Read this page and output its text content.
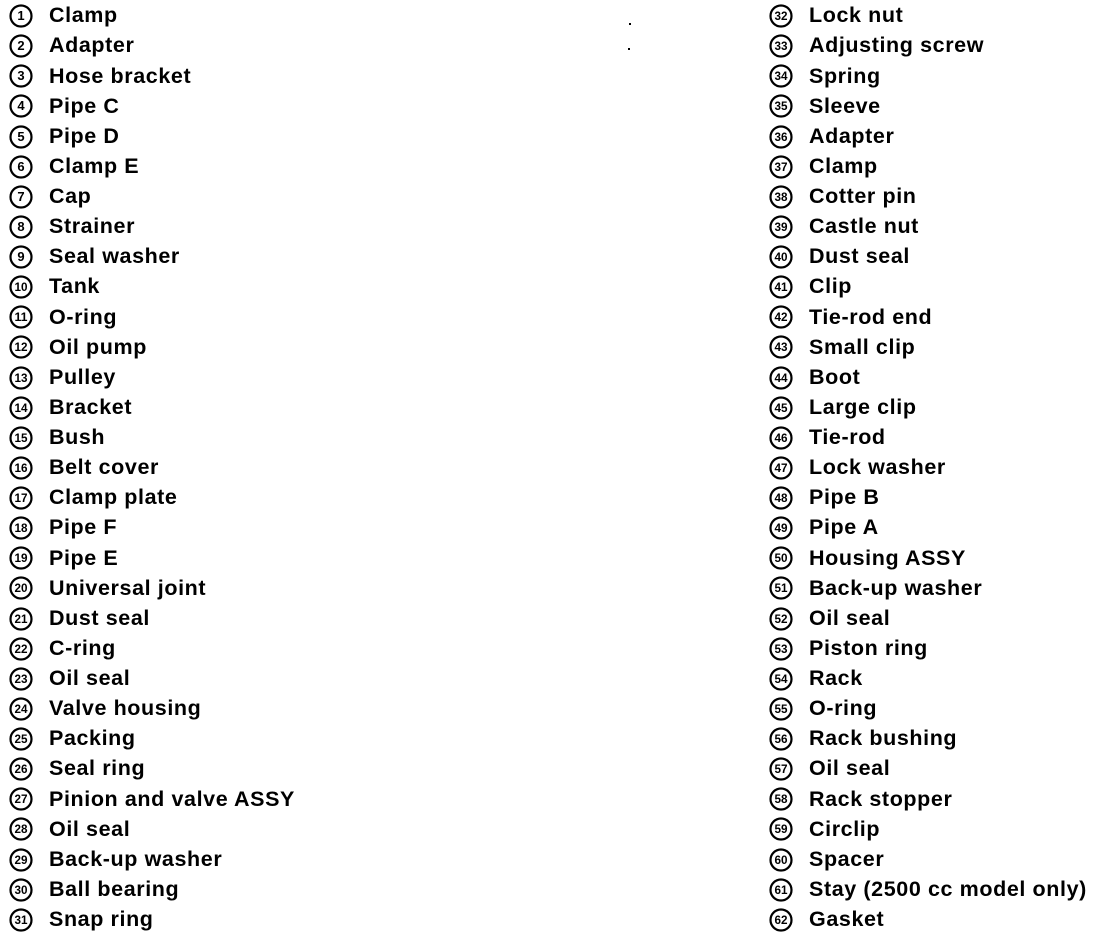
1 Clamp
2 Adapter
3 Hose bracket
4 Pipe C
5 Pipe D
6 Clamp E
7 Cap
8 Strainer
9 Seal washer
10 Tank
11 O-ring
12 Oil pump
13 Pulley
14 Bracket
15 Bush
16 Belt cover
17 Clamp plate
18 Pipe F
19 Pipe E
20 Universal joint
21 Dust seal
22 C-ring
23 Oil seal
24 Valve housing
25 Packing
26 Seal ring
27 Pinion and valve ASSY
28 Oil seal
29 Back-up washer
30 Ball bearing
31 Snap ring
32 Lock nut
33 Adjusting screw
34 Spring
35 Sleeve
36 Adapter
37 Clamp
38 Cotter pin
39 Castle nut
40 Dust seal
41 Clip
42 Tie-rod end
43 Small clip
44 Boot
45 Large clip
46 Tie-rod
47 Lock washer
48 Pipe B
49 Pipe A
50 Housing ASSY
51 Back-up washer
52 Oil seal
53 Piston ring
54 Rack
55 O-ring
56 Rack bushing
57 Oil seal
58 Rack stopper
59 Circlip
60 Spacer
61 Stay (2500 cc model only)
62 Gasket
